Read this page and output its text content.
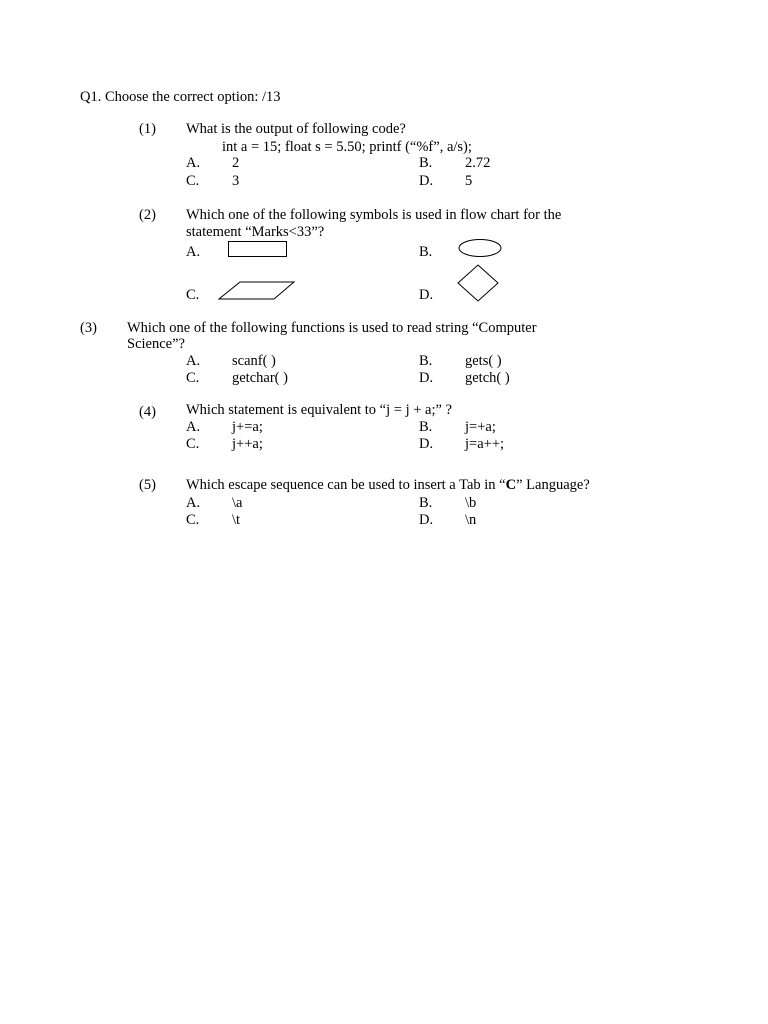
Q1. Choose the correct option: /13
(1) What is the output of following code?
int a = 15; float s = 5.50; printf (“%f”, a/s);
A. 2	B. 2.72
C. 3	D. 5
(2) Which one of the following symbols is used in flow chart for the
statement “Marks<33”?
A.	B.
C.	D.
(3) Which one of the following functions is used to read string “Computer
Science”?
A. scanf( )	B. gets( )
C. getchar( )	D. getch( )
(4) Which statement is equivalent to “j = j + a;” ?
A. j+=a;	B. j=+a;
C. j++a;	D. j=a++;
(5) Which escape sequence can be used to insert a Tab in “C” Language?
A. \a	B. \b
C. \t	D. \n
